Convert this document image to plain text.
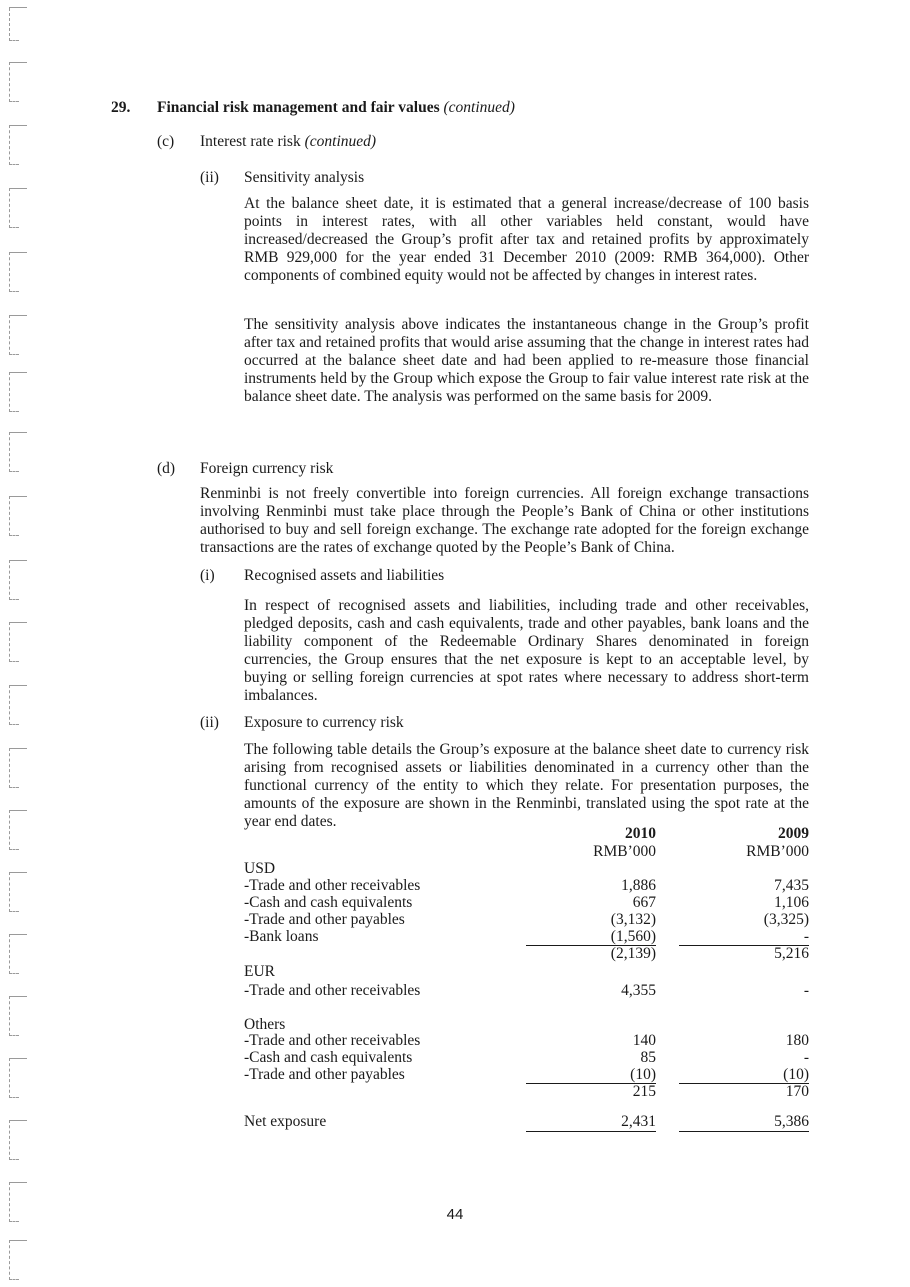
29. Financial risk management and fair values (continued)
(c) Interest rate risk (continued)
(ii) Sensitivity analysis
At the balance sheet date, it is estimated that a general increase/decrease of 100 basis points in interest rates, with all other variables held constant, would have increased/decreased the Group’s profit after tax and retained profits by approximately RMB 929,000 for the year ended 31 December 2010 (2009: RMB 364,000). Other components of combined equity would not be affected by changes in interest rates.
The sensitivity analysis above indicates the instantaneous change in the Group’s profit after tax and retained profits that would arise assuming that the change in interest rates had occurred at the balance sheet date and had been applied to re-measure those financial instruments held by the Group which expose the Group to fair value interest rate risk at the balance sheet date. The analysis was performed on the same basis for 2009.
(d) Foreign currency risk
Renminbi is not freely convertible into foreign currencies. All foreign exchange transactions involving Renminbi must take place through the People’s Bank of China or other institutions authorised to buy and sell foreign exchange. The exchange rate adopted for the foreign exchange transactions are the rates of exchange quoted by the People’s Bank of China.
(i) Recognised assets and liabilities
In respect of recognised assets and liabilities, including trade and other receivables, pledged deposits, cash and cash equivalents, trade and other payables, bank loans and the liability component of the Redeemable Ordinary Shares denominated in foreign currencies, the Group ensures that the net exposure is kept to an acceptable level, by buying or selling foreign currencies at spot rates where necessary to address short-term imbalances.
(ii) Exposure to currency risk
The following table details the Group’s exposure at the balance sheet date to currency risk arising from recognised assets or liabilities denominated in a currency other than the functional currency of the entity to which they relate. For presentation purposes, the amounts of the exposure are shown in the Renminbi, translated using the spot rate at the year end dates.
2010	2009
RMB’000	RMB’000
USD
-Trade and other receivables	1,886	7,435
-Cash and cash equivalents	667	1,106
-Trade and other payables	(3,132)	(3,325)
-Bank loans	(1,560)	-
(2,139)	5,216
EUR
-Trade and other receivables	4,355	-
Others
-Trade and other receivables	140	180
-Cash and cash equivalents	85	-
-Trade and other payables	(10)	(10)
215	170
Net exposure	2,431	5,386
44
